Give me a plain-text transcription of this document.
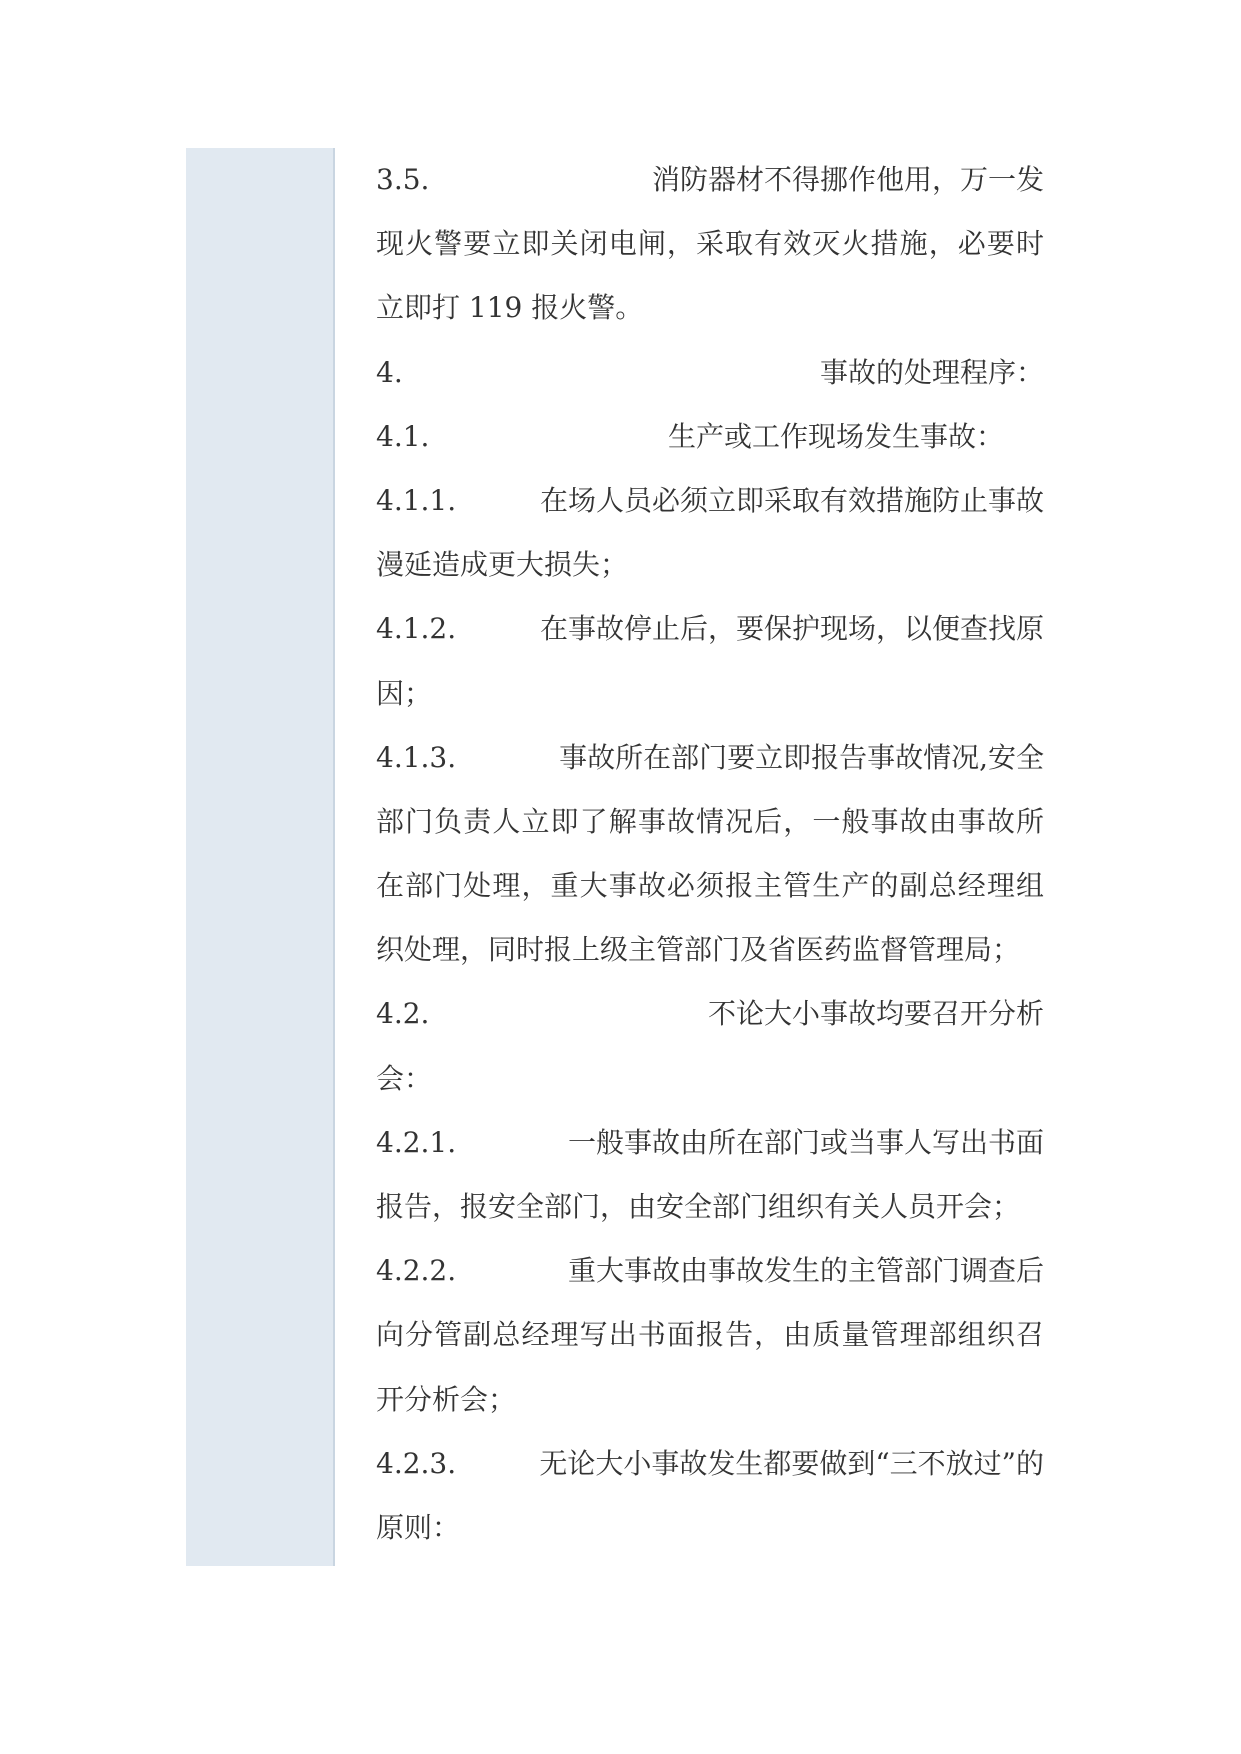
3.5.	消防器材不得挪作他用，万一发
现火警要立即关闭电闸，采取有效灭火措施，必要时
立即打 119 报火警。
4.	事故的处理程序：
4.1.	生产或工作现场发生事故：
4.1.1.	在场人员必须立即采取有效措施防止事故
漫延造成更大损失；
4.1.2.	在事故停止后，要保护现场，以便查找原
因；
4.1.3.	事故所在部门要立即报告事故情况,安全
部门负责人立即了解事故情况后，一般事故由事故所
在部门处理，重大事故必须报主管生产的副总经理组
织处理，同时报上级主管部门及省医药监督管理局；
4.2.	不论大小事故均要召开分析
会：
4.2.1.	一般事故由所在部门或当事人写出书面
报告，报安全部门，由安全部门组织有关人员开会；
4.2.2.	重大事故由事故发生的主管部门调查后
向分管副总经理写出书面报告，由质量管理部组织召
开分析会；
4.2.3.	无论大小事故发生都要做到“三不放过”的
原则：
